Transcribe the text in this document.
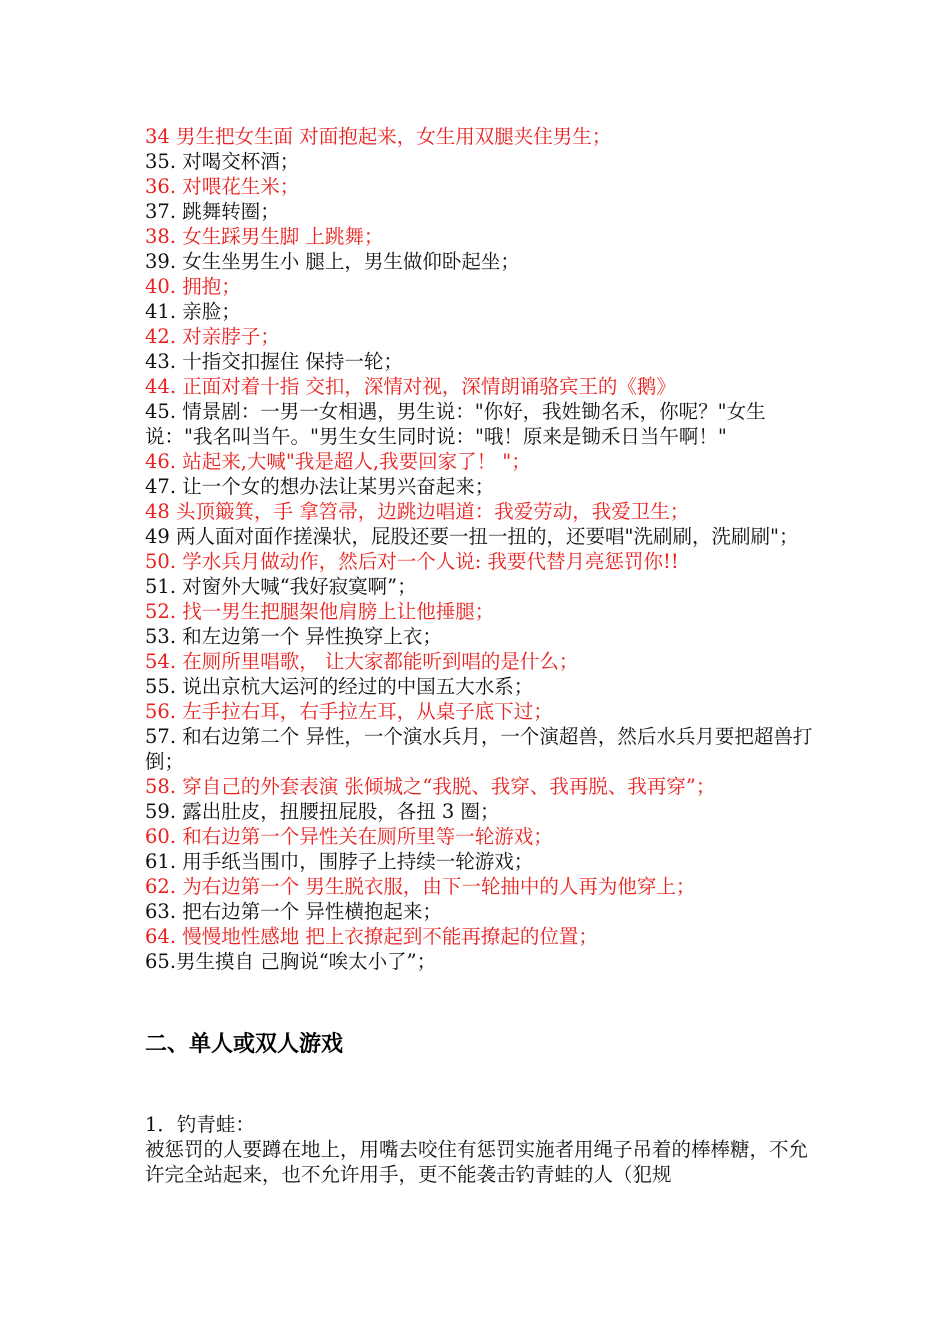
34 男生把女生面 对面抱起来，女生用双腿夹住男生；

35. 对喝交杯酒；

36. 对喂花生米；

37. 跳舞转圈；

38. 女生踩男生脚 上跳舞；

39. 女生坐男生小 腿上，男生做仰卧起坐；

40. 拥抱；

41. 亲脸；

42. 对亲脖子；

43. 十指交扣握住 保持一轮；

44. 正面对着十指 交扣，深情对视，深情朗诵骆宾王的《鹅》

45. 情景剧：一男一女相遇，男生说："你好，我姓锄名禾，你呢？"女生说："我名叫当午。"男生女生同时说："哦！原来是锄禾日当午啊！"

46. 站起来,大喊"我是超人,我要回家了！ "；

47. 让一个女的想办法让某男兴奋起来；

48 头顶簸箕，手 拿笤帚，边跳边唱道：我爱劳动，我爱卫生；

49 两人面对面作搓澡状，屁股还要一扭一扭的，还要唱"洗刷刷，洗刷刷"；

50. 学水兵月做动作，然后对一个人说: 我要代替月亮惩罚你!!

51. 对窗外大喊“我好寂寞啊”；

52. 找一男生把腿架他肩膀上让他捶腿；

53. 和左边第一个 异性换穿上衣；

54. 在厕所里唱歌， 让大家都能听到唱的是什么；

55. 说出京杭大运河的经过的中国五大水系；

56. 左手拉右耳，右手拉左耳，从桌子底下过；

57. 和右边第二个 异性，一个演水兵月，一个演超兽，然后水兵月要把超兽打倒；

58. 穿自己的外套表演 张倾城之“我脱、我穿、我再脱、我再穿”；

59. 露出肚皮，扭腰扭屁股，各扭 3 圈；

60. 和右边第一个异性关在厕所里等一轮游戏；

61. 用手纸当围巾，围脖子上持续一轮游戏；

62. 为右边第一个 男生脱衣服，由下一轮抽中的人再为他穿上；

63. 把右边第一个 异性横抱起来；

64. 慢慢地性感地 把上衣撩起到不能再撩起的位置；

65.男生摸自 己胸说“唉太小了”；

二、单人或双人游戏
1．钓青蛙：

被惩罚的人要蹲在地上，用嘴去咬住有惩罚实施者用绳子吊着的棒棒糖，不允许完全站起来，也不允许用手，更不能袭击钓青蛙的人（犯规
